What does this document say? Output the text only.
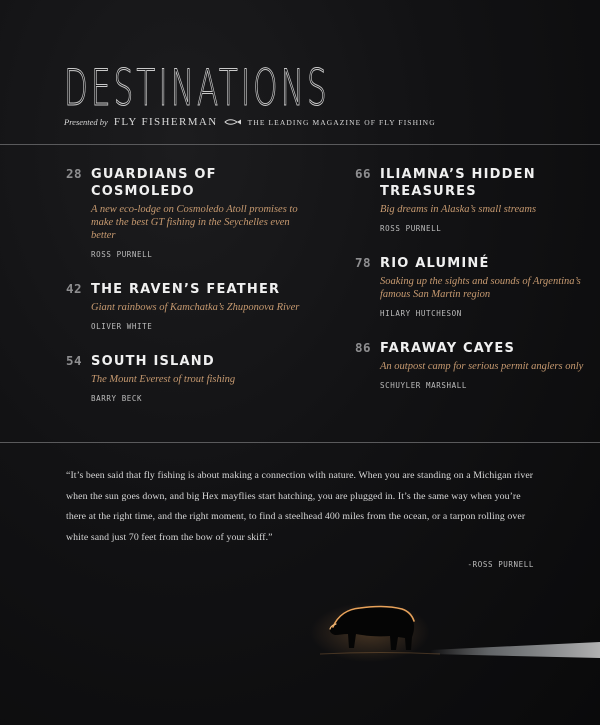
DESTINATIONS
Presented by FLY FISHERMAN	THE LEADING MAGAZINE OF FLY FISHING
28 GUARDIANS OF COSMOLEDO
A new eco-lodge on Cosmoledo Atoll promises to make the best GT fishing in the Seychelles even better
ROSS PURNELL
42 THE RAVEN’S FEATHER
Giant rainbows of Kamchatka’s Zhuponova River
OLIVER WHITE
54 SOUTH ISLAND
The Mount Everest of trout fishing
BARRY BECK
66 ILIAMNA’S HIDDEN TREASURES
Big dreams in Alaska’s small streams
ROSS PURNELL
78 RIO ALUMINÉ
Soaking up the sights and sounds of Argentina’s famous San Martin region
HILARY HUTCHESON
86 FARAWAY CAYES
An outpost camp for serious permit anglers only
SCHUYLER MARSHALL
“It’s been said that fly fishing is about making a connection with nature. When you are standing on a Michigan river when the sun goes down, and big Hex mayflies start hatching, you are plugged in. It’s the same way when you’re there at the right time, and the right moment, to find a steelhead 400 miles from the ocean, or a tarpon rolling over white sand just 70 feet from the bow of your skiff.”
-ROSS PURNELL
